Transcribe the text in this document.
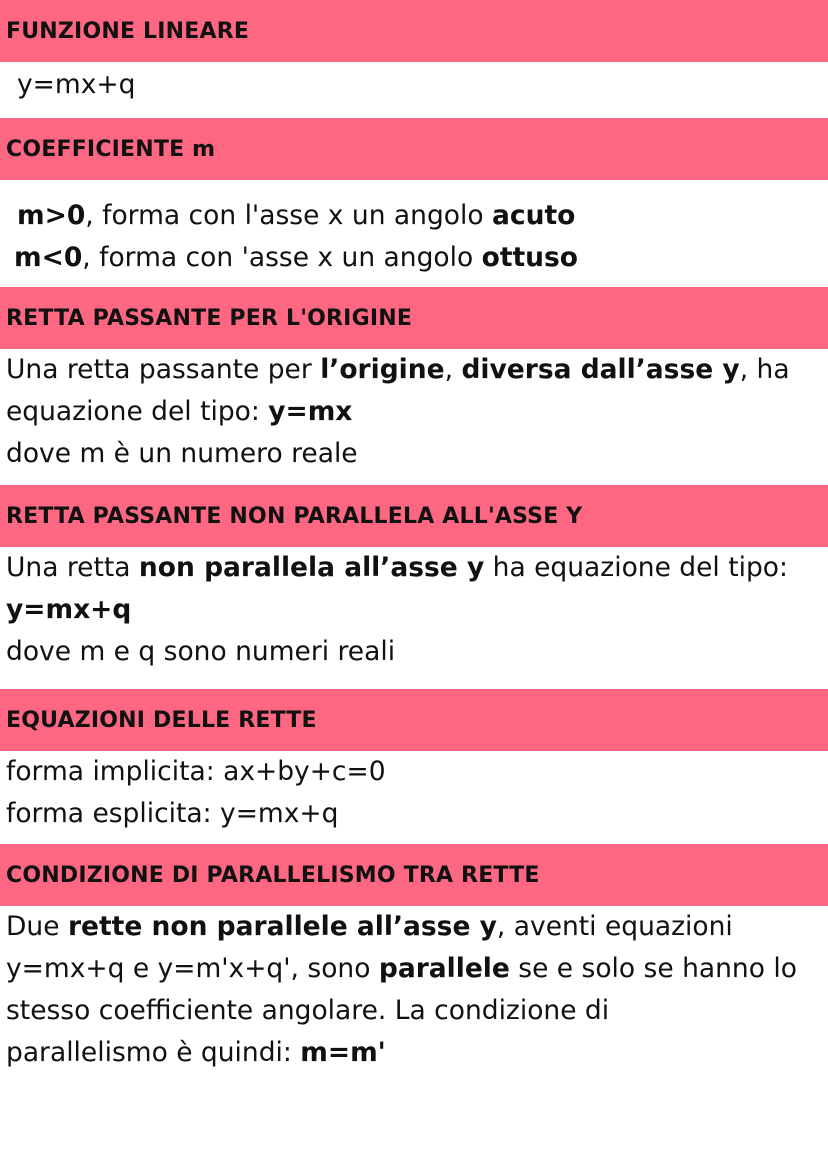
FUNZIONE LINEARE
y=mx+q
COEFFICIENTE m
m>0, forma con l'asse x un angolo acuto
m<0, forma con 'asse x un angolo ottuso
RETTA PASSANTE PER L'ORIGINE
Una retta passante per l’origine, diversa dall’asse y, ha
equazione del tipo: y=mx
dove m è un numero reale
RETTA PASSANTE NON PARALLELA ALL'ASSE Y
Una retta non parallela all’asse y ha equazione del tipo:
y=mx+q
dove m e q sono numeri reali
EQUAZIONI DELLE RETTE
forma implicita: ax+by+c=0
forma esplicita: y=mx+q
CONDIZIONE DI PARALLELISMO TRA RETTE
Due rette non parallele all’asse y, aventi equazioni
y=mx+q e y=m'x+q', sono parallele se e solo se hanno lo
stesso coefficiente angolare. La condizione di
parallelismo è quindi: m=m'
